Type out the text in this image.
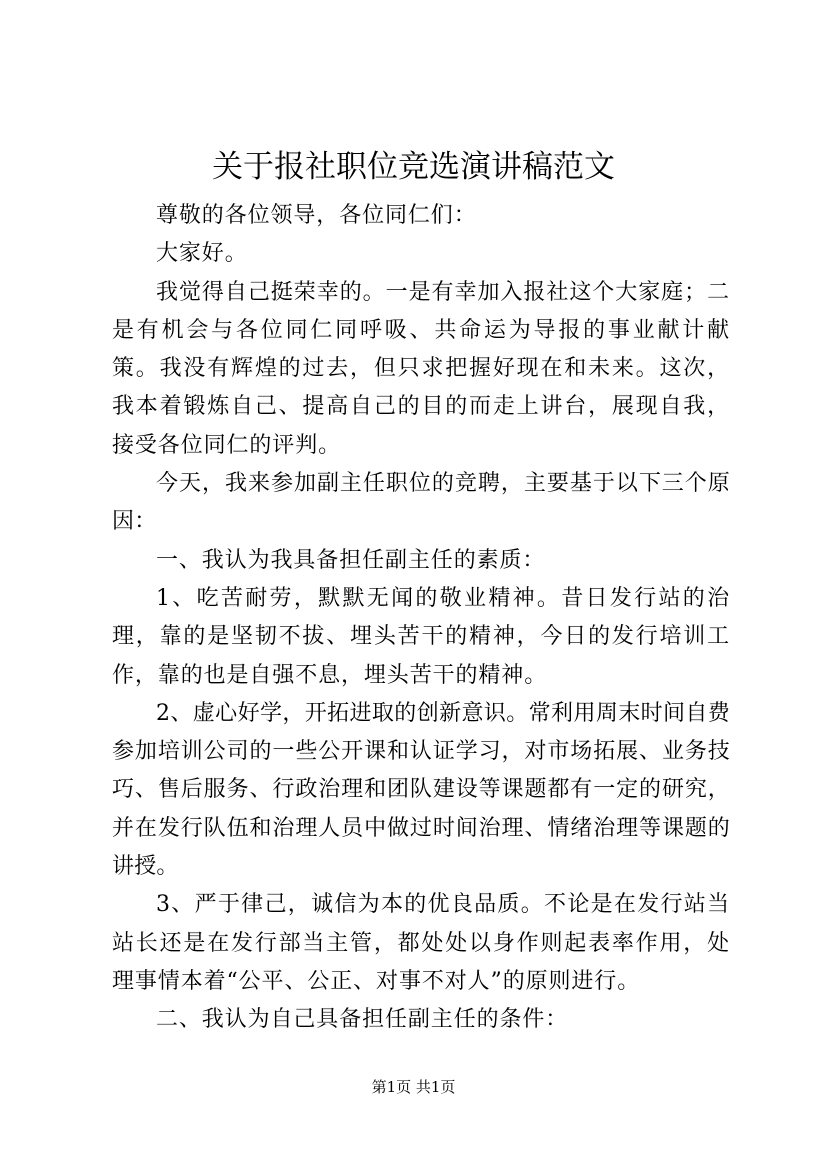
关于报社职位竞选演讲稿范文

尊敬的各位领导，各位同仁们：

大家好。

我觉得自己挺荣幸的。一是有幸加入报社这个大家庭；二是有机会与各位同仁同呼吸、共命运为导报的事业献计献策。我没有辉煌的过去，但只求把握好现在和未来。这次，我本着锻炼自己、提高自己的目的而走上讲台，展现自我，接受各位同仁的评判。

今天，我来参加副主任职位的竞聘，主要基于以下三个原因：

一、我认为我具备担任副主任的素质：

1、吃苦耐劳，默默无闻的敬业精神。昔日发行站的治理，靠的是坚韧不拔、埋头苦干的精神，今日的发行培训工作，靠的也是自强不息，埋头苦干的精神。

2、虚心好学，开拓进取的创新意识。常利用周末时间自费参加培训公司的一些公开课和认证学习，对市场拓展、业务技巧、售后服务、行政治理和团队建设等课题都有一定的研究，并在发行队伍和治理人员中做过时间治理、情绪治理等课题的讲授。

3、严于律己，诚信为本的优良品质。不论是在发行站当站长还是在发行部当主管，都处处以身作则起表率作用，处理事情本着“公平、公正、对事不对人”的原则进行。

二、我认为自己具备担任副主任的条件：

第1页 共1页
